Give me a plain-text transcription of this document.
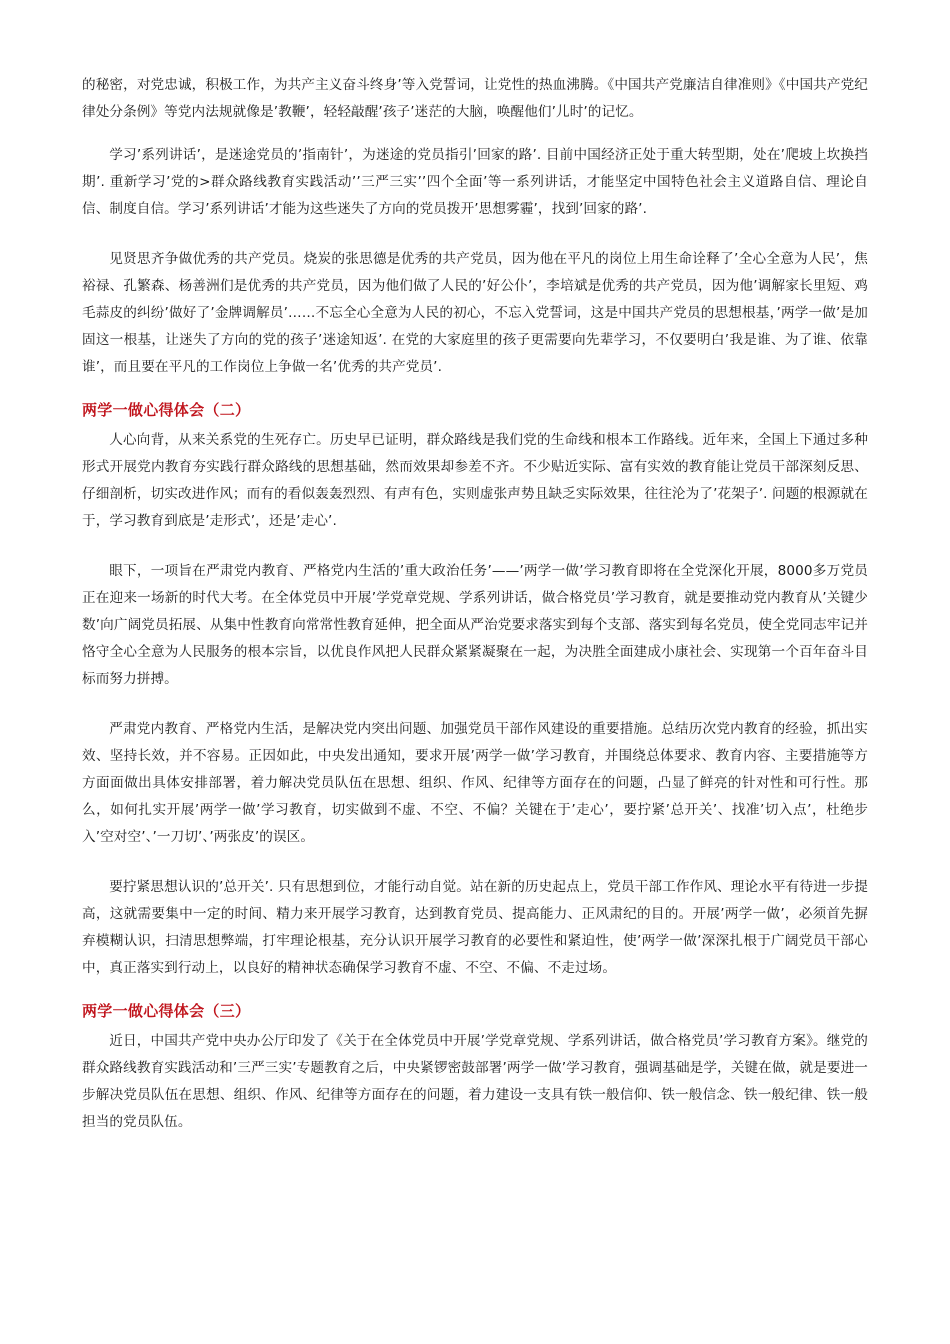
的秘密，对党忠诚，积极工作，为共产主义奋斗终身’等入党誓词，让党性的热血沸腾。《中国共产党廉洁自律准则》《中国共产党纪律处分条例》等党内法规就像是’教鞭’，轻轻敲醒’孩子’迷茫的大脑，唤醒他们’儿时’的记忆。

学习’系列讲话’，是迷途党员的’指南针’，为迷途的党员指引’回家的路’. 目前中国经济正处于重大转型期，处在’爬坡上坎换挡期’. 重新学习’党的>群众路线教育实践活动’’三严三实’’四个全面’等一系列讲话，才能坚定中国特色社会主义道路自信、理论自信、制度自信。学习’系列讲话’才能为这些迷失了方向的党员拨开’思想雾霾’，找到’回家的路’.

见贤思齐争做优秀的共产党员。烧炭的张思德是优秀的共产党员，因为他在平凡的岗位上用生命诠释了’全心全意为人民’，焦裕禄、孔繁森、杨善洲们是优秀的共产党员，因为他们做了人民的’好公仆’，李培斌是优秀的共产党员，因为他’调解家长里短、鸡毛蒜皮的纠纷’做好了’金牌调解员’……不忘全心全意为人民的初心，不忘入党誓词，这是中国共产党员的思想根基，’两学一做’是加固这一根基，让迷失了方向的党的孩子’迷途知返’. 在党的大家庭里的孩子更需要向先辈学习，不仅要明白’我是谁、为了谁、依靠谁’，而且要在平凡的工作岗位上争做一名’优秀的共产党员’.

两学一做心得体会（二）

人心向背，从来关系党的生死存亡。历史早已证明，群众路线是我们党的生命线和根本工作路线。近年来，全国上下通过多种形式开展党内教育夯实践行群众路线的思想基础，然而效果却参差不齐。不少贴近实际、富有实效的教育能让党员干部深刻反思、仔细剖析，切实改进作风；而有的看似轰轰烈烈、有声有色，实则虚张声势且缺乏实际效果，往往沦为了’花架子’. 问题的根源就在于，学习教育到底是’走形式’，还是’走心’.

眼下，一项旨在严肃党内教育、严格党内生活的’重大政治任务’——’两学一做’学习教育即将在全党深化开展，8000多万党员正在迎来一场新的时代大考。在全体党员中开展’学党章党规、学系列讲话，做合格党员’学习教育，就是要推动党内教育从’关键少数’向广阔党员拓展、从集中性教育向常常性教育延伸，把全面从严治党要求落实到每个支部、落实到每名党员，使全党同志牢记并恪守全心全意为人民服务的根本宗旨，以优良作风把人民群众紧紧凝聚在一起，为决胜全面建成小康社会、实现第一个百年奋斗目标而努力拼搏。

严肃党内教育、严格党内生活，是解决党内突出问题、加强党员干部作风建设的重要措施。总结历次党内教育的经验，抓出实效、坚持长效，并不容易。正因如此，中央发出通知，要求开展’两学一做’学习教育，并围绕总体要求、教育内容、主要措施等方方面面做出具体安排部署，着力解决党员队伍在思想、组织、作风、纪律等方面存在的问题，凸显了鲜亮的针对性和可行性。那么，如何扎实开展’两学一做’学习教育，切实做到不虚、不空、不偏？关键在于’走心’，要拧紧’总开关’、找准’切入点’，杜绝步入’空对空’、’一刀切’、’两张皮’的误区。

要拧紧思想认识的’总开关’. 只有思想到位，才能行动自觉。站在新的历史起点上，党员干部工作作风、理论水平有待进一步提高，这就需要集中一定的时间、精力来开展学习教育，达到教育党员、提高能力、正风肃纪的目的。开展’两学一做’，必须首先摒弃模糊认识，扫清思想弊端，打牢理论根基，充分认识开展学习教育的必要性和紧迫性，使’两学一做’深深扎根于广阔党员干部心中，真正落实到行动上，以良好的精神状态确保学习教育不虚、不空、不偏、不走过场。

两学一做心得体会（三）

近日，中国共产党中央办公厅印发了《关于在全体党员中开展’学党章党规、学系列讲话，做合格党员’学习教育方案》。继党的群众路线教育实践活动和’三严三实’专题教育之后，中央紧锣密鼓部署’两学一做’学习教育，强调基础是学，关键在做，就是要进一步解决党员队伍在思想、组织、作风、纪律等方面存在的问题，着力建设一支具有铁一般信仰、铁一般信念、铁一般纪律、铁一般担当的党员队伍。
